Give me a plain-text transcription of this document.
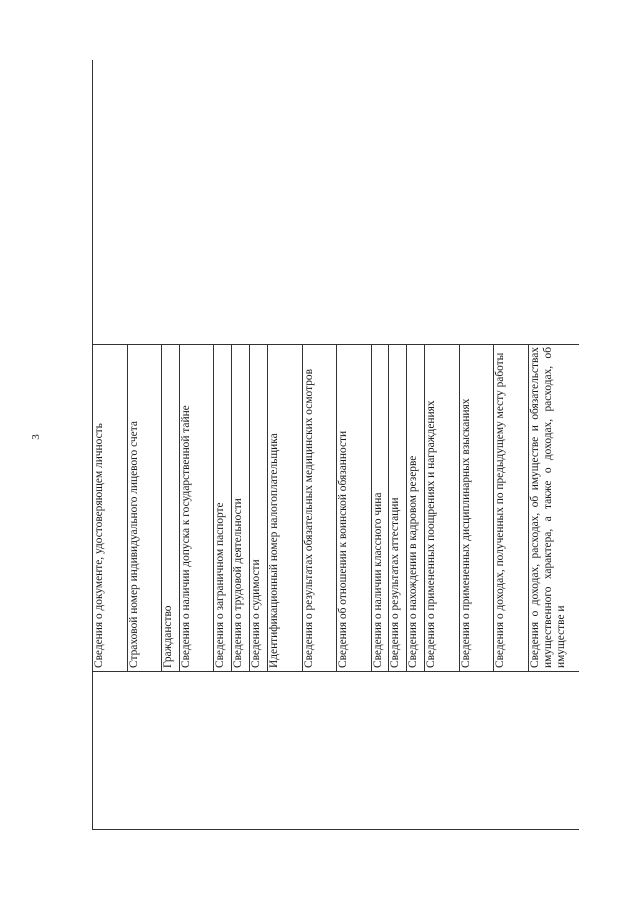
3
		Сведения о документе, удостоверяющем личность	
Страховой номер индивидуального лицевого счета
Гражданство
Сведения о наличии допуска к государственной тайне
Сведения о заграничном паспорте
Сведения о трудовой деятельности
Сведения о судимости
Идентификационный номер налогоплательщика
Сведения о результатах обязательных медицинских осмотров
Сведения об отношении к воинской обязанности
Сведения о наличии классного чина
Сведения о результатах аттестации
Сведения о нахождении в кадровом резерве
Сведения о примененных поощрениях и награждениях
Сведения о примененных дисциплинарных взысканиях
Сведения о доходах, полученных по предыдущему месту работы
Сведения о доходах, расходах, об имуществе и обязательствах имущественного характера, а также о доходах, расходах, об имуществе и
